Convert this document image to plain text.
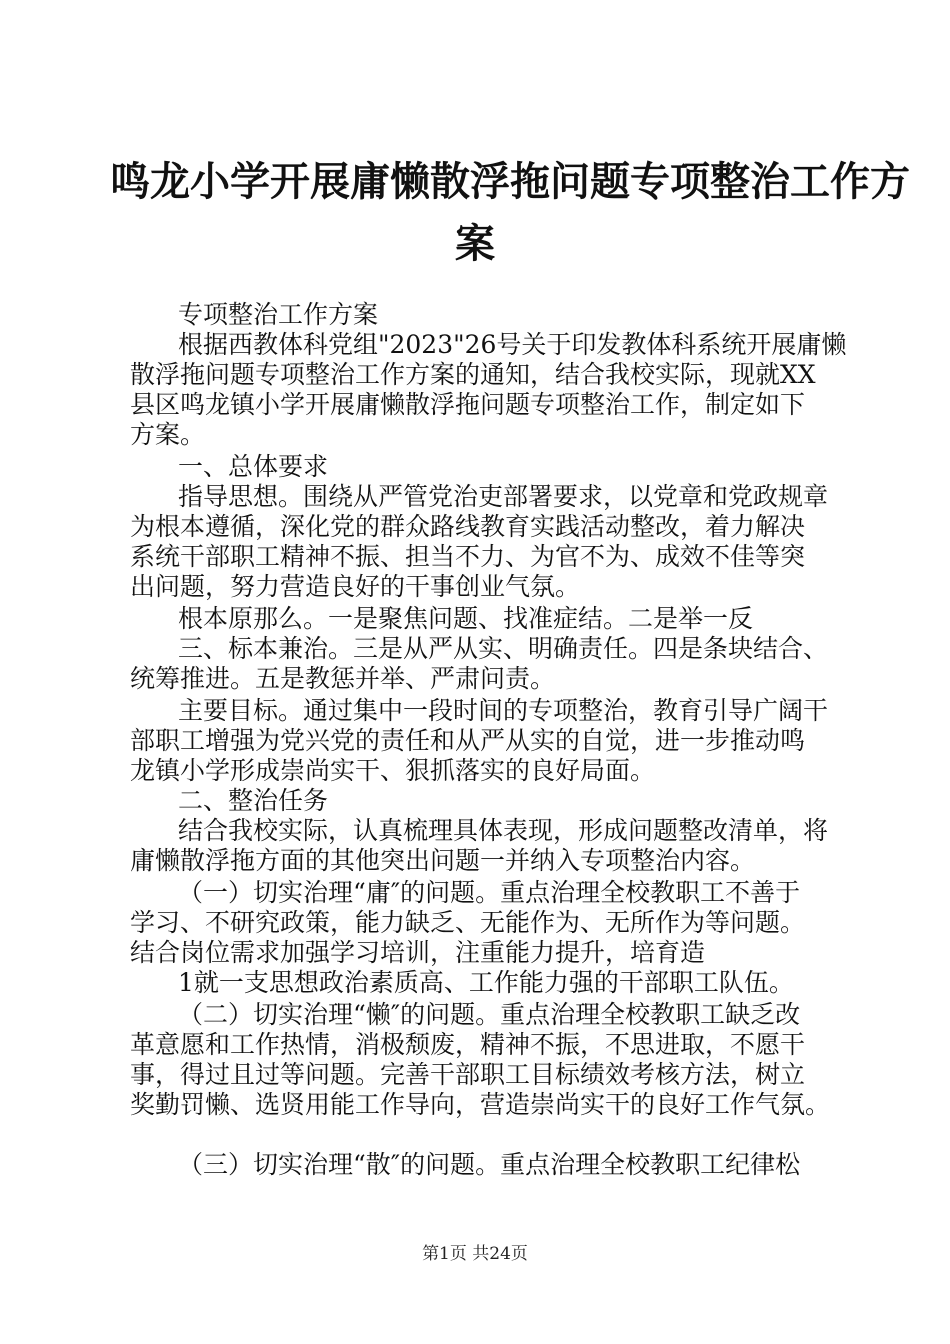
鸣龙小学开展庸懒散浮拖问题专项整治工作方
案
专项整治工作方案
根据西教体科党组"2023"26号关于印发教体科系统开展庸懒
散浮拖问题专项整治工作方案的通知，结合我校实际，现就XX
县区鸣龙镇小学开展庸懒散浮拖问题专项整治工作，制定如下
方案。
一、总体要求
指导思想。围绕从严管党治吏部署要求，以党章和党政规章
为根本遵循，深化党的群众路线教育实践活动整改，着力解决
系统干部职工精神不振、担当不力、为官不为、成效不佳等突
出问题，努力营造良好的干事创业气氛。
根本原那么。一是聚焦问题、找准症结。二是举一反
三、标本兼治。三是从严从实、明确责任。四是条块结合、
统筹推进。五是教惩并举、严肃问责。
主要目标。通过集中一段时间的专项整治，教育引导广阔干
部职工增强为党兴党的责任和从严从实的自觉，进一步推动鸣
龙镇小学形成崇尚实干、狠抓落实的良好局面。
二、整治任务
结合我校实际，认真梳理具体表现，形成问题整改清单，将
庸懒散浮拖方面的其他突出问题一并纳入专项整治内容。
（一）切实治理“庸″的问题。重点治理全校教职工不善于
学习、不研究政策，能力缺乏、无能作为、无所作为等问题。
结合岗位需求加强学习培训，注重能力提升，培育造
1就一支思想政治素质高、工作能力强的干部职工队伍。
（二）切实治理“懒″的问题。重点治理全校教职工缺乏改
革意愿和工作热情，消极颓废，精神不振，不思进取，不愿干
事，得过且过等问题。完善干部职工目标绩效考核方法，树立
奖勤罚懒、选贤用能工作导向，营造崇尚实干的良好工作气氛。
（三）切实治理“散″的问题。重点治理全校教职工纪律松
第1页 共24页
